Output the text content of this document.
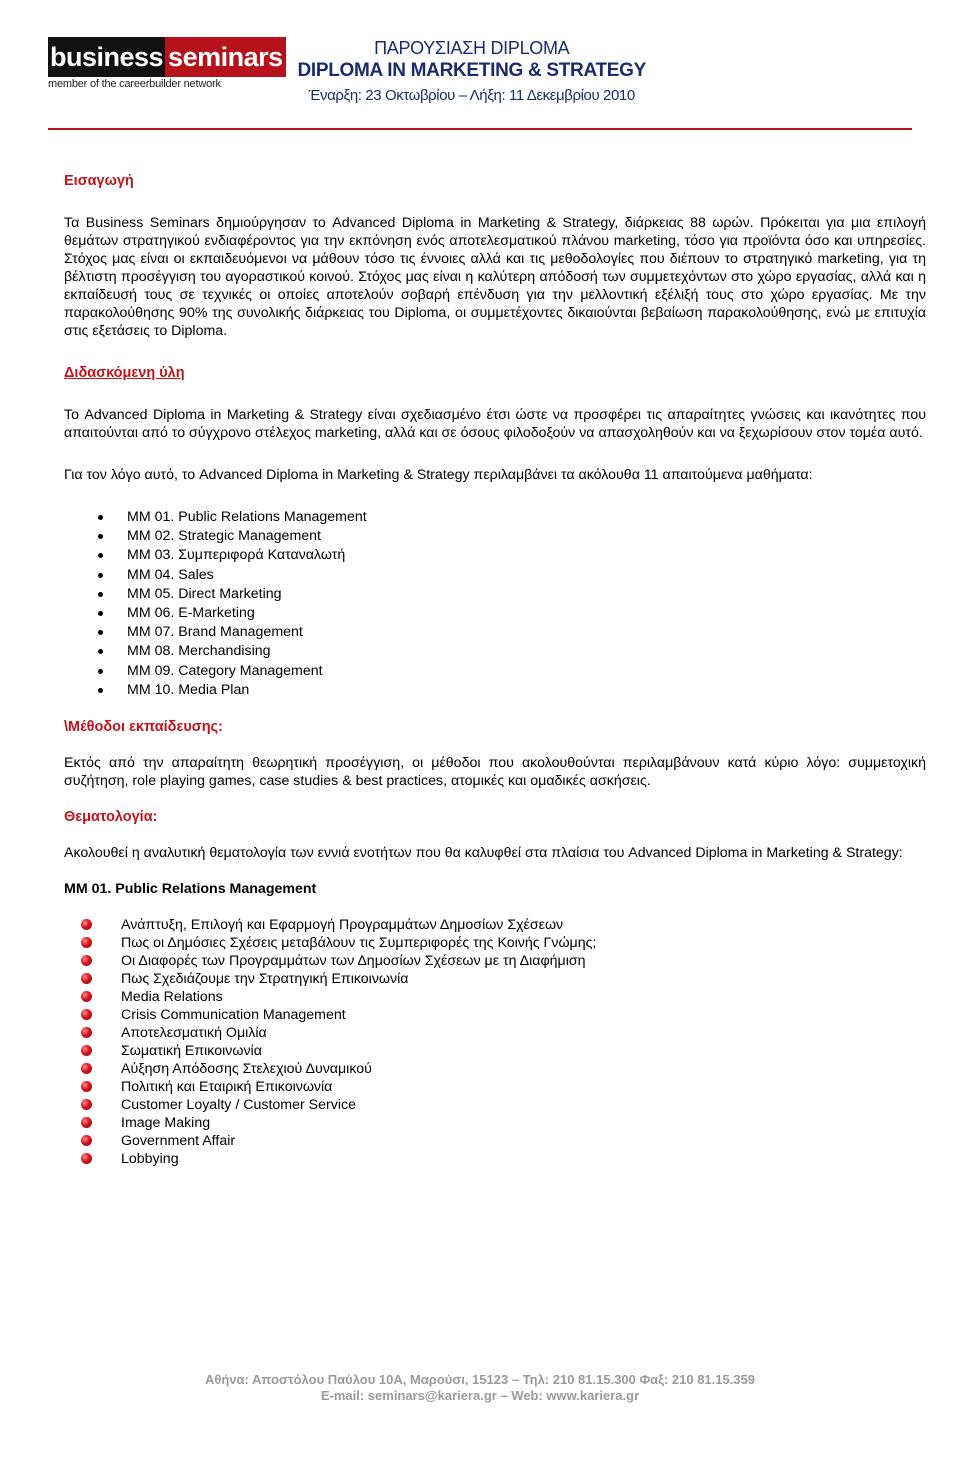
business seminars
member of the careerbuilder network
ΠΑΡΟΥΣΙΑΣΗ DIPLOMA
DIPLOMA IN MARKETING & STRATEGY
Έναρξη: 23 Οκτωβρίου – Λήξη: 11 Δεκεμβρίου 2010
Εισαγωγή

Τα Business Seminars δημιούργησαν το Advanced Diploma in Marketing & Strategy, διάρκειας 88 ωρών. Πρόκειται για μια επιλογή θεμάτων στρατηγικού ενδιαφέροντος για την εκπόνηση ενός αποτελεσματικού πλάνου marketing, τόσο για προϊόντα όσο και υπηρεσίες. Στόχος μας είναι οι εκπαιδευόμενοι να μάθουν τόσο τις έννοιες αλλά και τις μεθοδολογίες που διέπουν το στρατηγικό marketing, για τη βέλτιστη προσέγγιση του αγοραστικού κοινού. Στόχος μας είναι η καλύτερη απόδοσή των συμμετεχόντων στο χώρο εργασίας, αλλά και η εκπαίδευσή τους σε τεχνικές οι οποίες αποτελούν σοβαρή επένδυση για την μελλοντική εξέλιξή τους στο χώρο εργασίας. Με την παρακολούθησης 90% της συνολικής διάρκειας του Diploma, οι συμμετέχοντες δικαιούνται βεβαίωση παρακολούθησης, ενώ με επιτυχία στις εξετάσεις το Diploma.

Διδασκόμενη ύλη

Το Advanced Diploma in Marketing & Strategy είναι σχεδιασμένο έτσι ώστε να προσφέρει τις απαραίτητες γνώσεις και ικανότητες που απαιτούνται από το σύγχρονο στέλεχος marketing, αλλά και σε όσους φιλοδοξούν να απασχοληθούν και να ξεχωρίσουν στον τομέα αυτό.

Για τον λόγο αυτό, το Advanced Diploma in Marketing & Strategy περιλαμβάνει τα ακόλουθα 11 απαιτούμενα μαθήματα:

MM 01. Public Relations Management
MM 02. Strategic Management
MM 03. Συμπεριφορά Καταναλωτή
MM 04. Sales
MM 05. Direct Marketing
MM 06. E-Marketing
MM 07. Brand Management
MM 08. Merchandising
MM 09. Category Management
MM 10. Media Plan
\Μέθοδοι εκπαίδευσης:

Εκτός από την απαραίτητη θεωρητική προσέγγιση, οι μέθοδοι που ακολουθούνται περιλαμβάνουν κατά κύριο λόγο: συμμετοχική συζήτηση, role playing games, case studies & best practices, ατομικές και ομαδικές ασκήσεις.

Θεματολογία:

Ακολουθεί η αναλυτική θεματολογία των εννιά ενοτήτων που θα καλυφθεί στα πλαίσια του Advanced Diploma in Marketing & Strategy:

MM 01. Public Relations Management
Ανάπτυξη, Επιλογή και Εφαρμογή Προγραμμάτων Δημοσίων Σχέσεων
Πως οι Δημόσιες Σχέσεις μεταβάλουν τις Συμπεριφορές της Κοινής Γνώμης;
Οι Διαφορές των Προγραμμάτων των Δημοσίων Σχέσεων με τη Διαφήμιση
Πως Σχεδιάζουμε την Στρατηγική Επικοινωνία
Media Relations
Crisis Communication Management
Αποτελεσματική Ομιλία
Σωματική Επικοινωνία
Αύξηση Απόδοσης Στελεχιού Δυναμικού
Πολιτική και Εταιρική Επικοινωνία
Customer Loyalty / Customer Service
Image Making
Government Affair
Lobbying
Αθήνα: Αποστόλου Παύλου 10Α, Μαρούσι, 15123 – Τηλ: 210 81.15.300 Φαξ: 210 81.15.359
E-mail: seminars@kariera.gr – Web: www.kariera.gr
